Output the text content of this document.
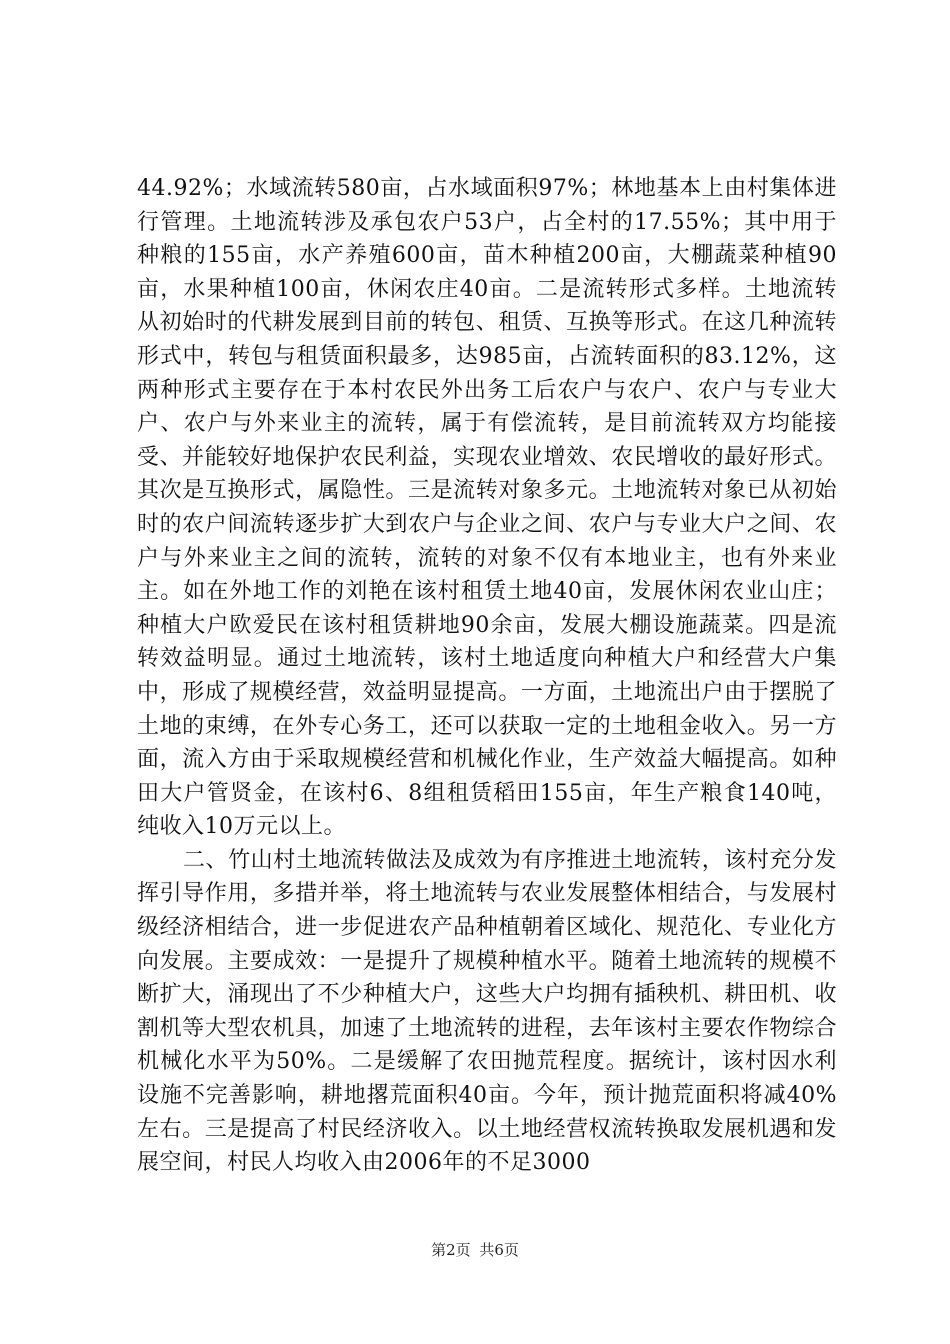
44.92%；水域流转580亩，占水域面积97%；林地基本上由村集体进行管理。土地流转涉及承包农户53户，占全村的17.55%；其中用于种粮的155亩，水产养殖600亩，苗木种植200亩，大棚蔬菜种植90亩，水果种植100亩，休闲农庄40亩。二是流转形式多样。土地流转从初始时的代耕发展到目前的转包、租赁、互换等形式。在这几种流转形式中，转包与租赁面积最多，达985亩，占流转面积的83.12%，这两种形式主要存在于本村农民外出务工后农户与农户、农户与专业大户、农户与外来业主的流转，属于有偿流转，是目前流转双方均能接受、并能较好地保护农民利益，实现农业增效、农民增收的最好形式。其次是互换形式，属隐性。三是流转对象多元。土地流转对象已从初始时的农户间流转逐步扩大到农户与企业之间、农户与专业大户之间、农户与外来业主之间的流转，流转的对象不仅有本地业主，也有外来业主。如在外地工作的刘艳在该村租赁土地40亩，发展休闲农业山庄；种植大户欧爱民在该村租赁耕地90余亩，发展大棚设施蔬菜。四是流转效益明显。通过土地流转，该村土地适度向种植大户和经营大户集中，形成了规模经营，效益明显提高。一方面，土地流出户由于摆脱了土地的束缚，在外专心务工，还可以获取一定的土地租金收入。另一方面，流入方由于采取规模经营和机械化作业，生产效益大幅提高。如种田大户管贤金，在该村6、8组租赁稻田155亩，年生产粮食140吨，纯收入10万元以上。

二、竹山村土地流转做法及成效为有序推进土地流转，该村充分发挥引导作用，多措并举，将土地流转与农业发展整体相结合，与发展村级经济相结合，进一步促进农产品种植朝着区域化、规范化、专业化方向发展。主要成效：一是提升了规模种植水平。随着土地流转的规模不断扩大，涌现出了不少种植大户，这些大户均拥有插秧机、耕田机、收割机等大型农机具，加速了土地流转的进程，去年该村主要农作物综合机械化水平为50%。二是缓解了农田抛荒程度。据统计，该村因水利设施不完善影响，耕地撂荒面积40亩。今年，预计抛荒面积将减40%左右。三是提高了村民经济收入。以土地经营权流转换取发展机遇和发展空间，村民人均收入由2006年的不足3000

第2页 共6页
